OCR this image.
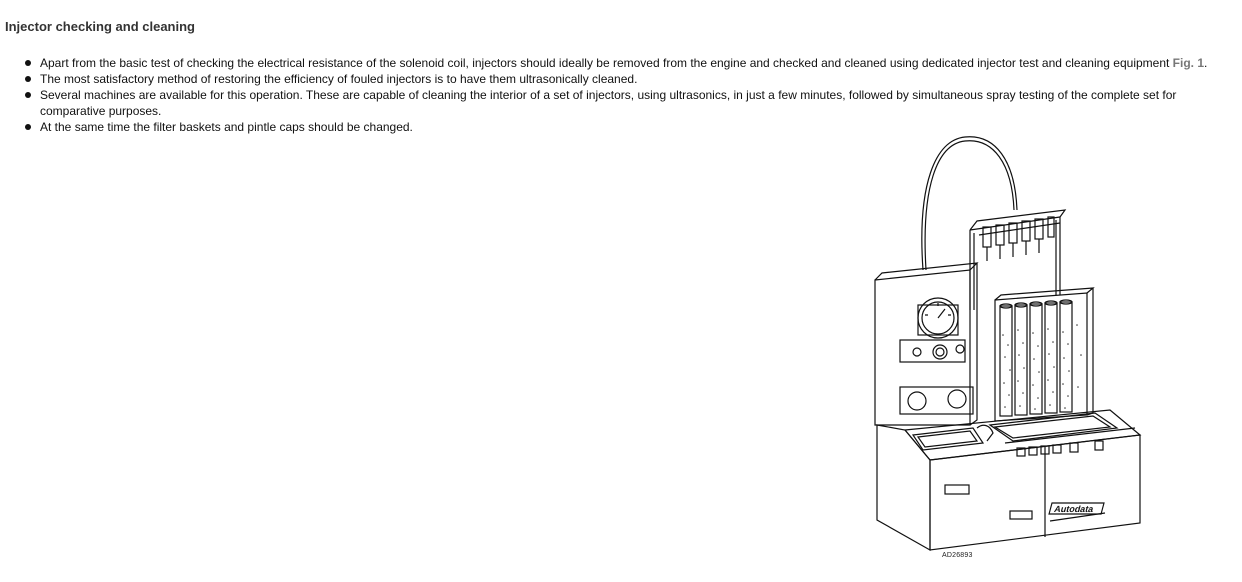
Injector checking and cleaning
Apart from the basic test of checking the electrical resistance of the solenoid coil, injectors should ideally be removed from the engine and checked and cleaned using dedicated injector test and cleaning equipment Fig. 1.
The most satisfactory method of restoring the efficiency of fouled injectors is to have them ultrasonically cleaned.
Several machines are available for this operation. These are capable of cleaning the interior of a set of injectors, using ultrasonics, in just a few minutes, followed by simultaneous spray testing of the complete set for comparative purposes.
At the same time the filter baskets and pintle caps should be changed.
Autodata
AD26893
